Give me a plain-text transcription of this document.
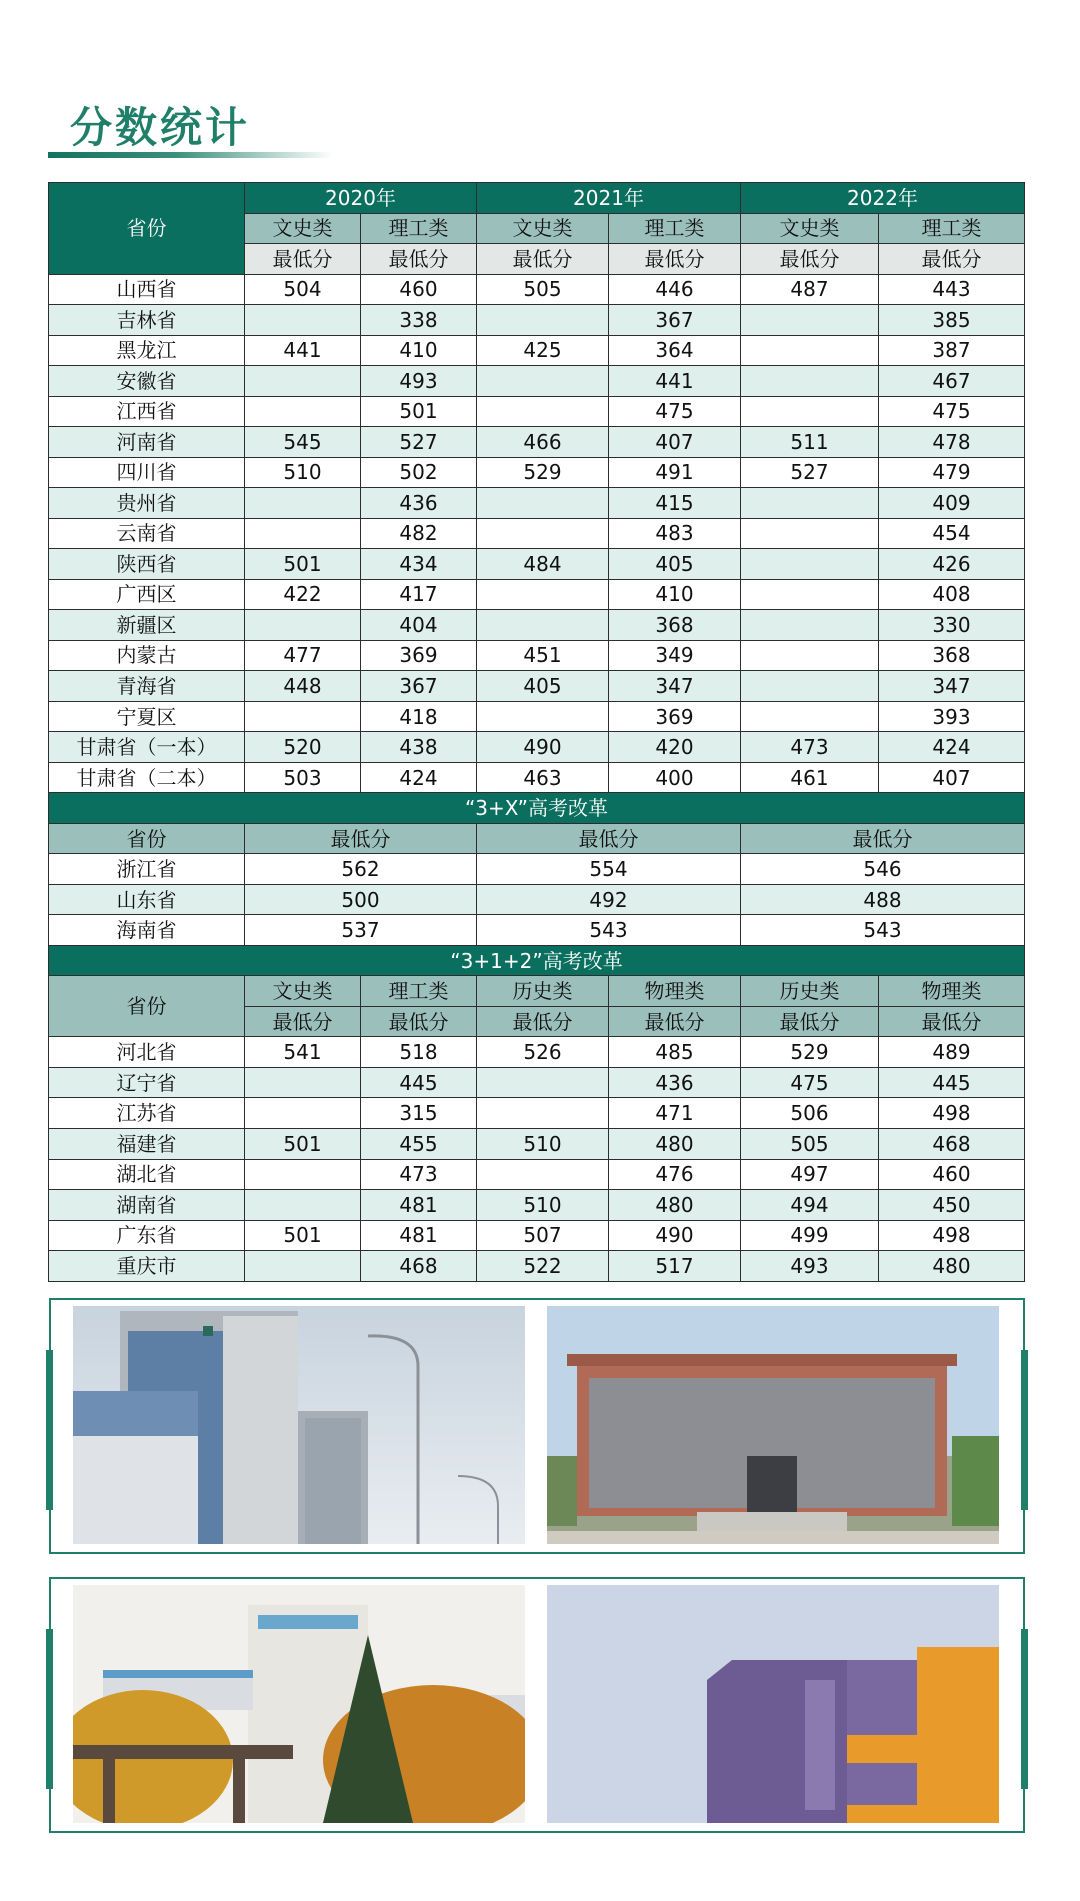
分数统计
省份	2020年		2021年		2022年	
	文史类	理工类	文史类	理工类	文史类	理工类
	最低分	最低分	最低分	最低分	最低分	最低分
山西省	504	460	505	446	487	443
吉林省		338		367		385
黑龙江	441	410	425	364		387
安徽省		493		441		467
江西省		501		475		475
河南省	545	527	466	407	511	478
四川省	510	502	529	491	527	479
贵州省		436		415		409
云南省		482		483		454
陕西省	501	434	484	405		426
广西区	422	417		410		408
新疆区		404		368		330
内蒙古	477	369	451	349		368
青海省	448	367	405	347		347
宁夏区		418		369		393
甘肃省（一本）	520	438	490	420	473	424
甘肃省（二本）	503	424	463	400	461	407
“3+X”高考改革						
省份	最低分		最低分		最低分	
浙江省	562		554		546	
山东省	500		492		488	
海南省	537		543		543	
“3+1+2”高考改革						
省份	文史类	理工类	历史类	物理类	历史类	物理类
	最低分	最低分	最低分	最低分	最低分	最低分
河北省	541	518	526	485	529	489
辽宁省		445		436	475	445
江苏省		315		471	506	498
福建省	501	455	510	480	505	468
湖北省		473		476	497	460
湖南省		481	510	480	494	450
广东省	501	481	507	490	499	498
重庆市		468	522	517	493	480
